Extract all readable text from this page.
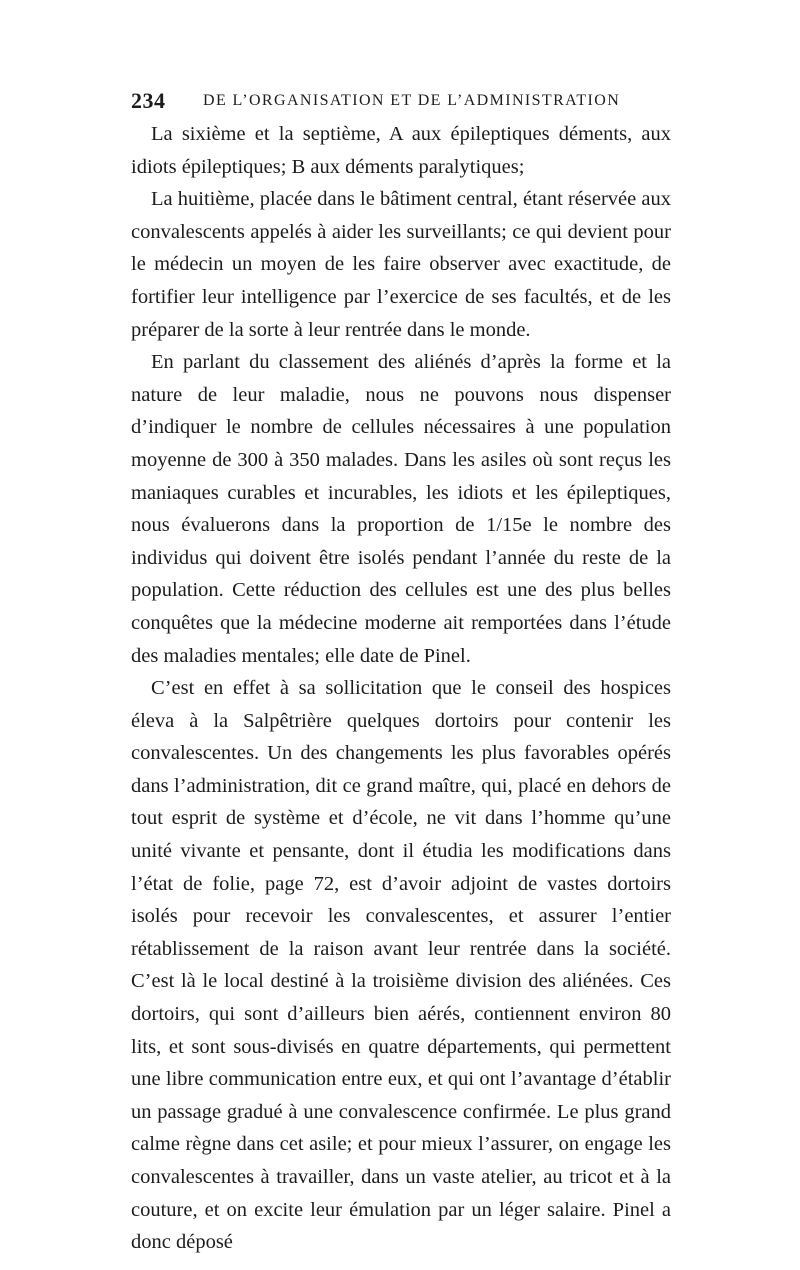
234 DE L’ORGANISATION ET DE L’ADMINISTRATION

La sixième et la septième, A aux épileptiques déments, aux idiots épileptiques; B aux déments paralytiques;

La huitième, placée dans le bâtiment central, étant réservée aux convalescents appelés à aider les surveillants; ce qui devient pour le médecin un moyen de les faire observer avec exactitude, de fortifier leur intelligence par l’exercice de ses facultés, et de les préparer de la sorte à leur rentrée dans le monde.

En parlant du classement des aliénés d’après la forme et la nature de leur maladie, nous ne pouvons nous dispenser d’indiquer le nombre de cellules nécessaires à une population moyenne de 300 à 350 malades. Dans les asiles où sont reçus les maniaques curables et incurables, les idiots et les épileptiques, nous évaluerons dans la proportion de 1/15e le nombre des individus qui doivent être isolés pendant l’année du reste de la population. Cette réduction des cellules est une des plus belles conquêtes que la médecine moderne ait remportées dans l’étude des maladies mentales; elle date de Pinel.

C’est en effet à sa sollicitation que le conseil des hospices éleva à la Salpêtrière quelques dortoirs pour contenir les convalescentes. Un des changements les plus favorables opérés dans l’administration, dit ce grand maître, qui, placé en dehors de tout esprit de système et d’école, ne vit dans l’homme qu’une unité vivante et pensante, dont il étudia les modifications dans l’état de folie, page 72, est d’avoir adjoint de vastes dortoirs isolés pour recevoir les convalescentes, et assurer l’entier rétablissement de la raison avant leur rentrée dans la société. C’est là le local destiné à la troisième division des aliénées. Ces dortoirs, qui sont d’ailleurs bien aérés, contiennent environ 80 lits, et sont sous-divisés en quatre départements, qui permettent une libre communication entre eux, et qui ont l’avantage d’établir un passage gradué à une convalescence confirmée. Le plus grand calme règne dans cet asile; et pour mieux l’assurer, on engage les convalescentes à travailler, dans un vaste atelier, au tricot et à la couture, et on excite leur émulation par un léger salaire. Pinel a donc déposé
